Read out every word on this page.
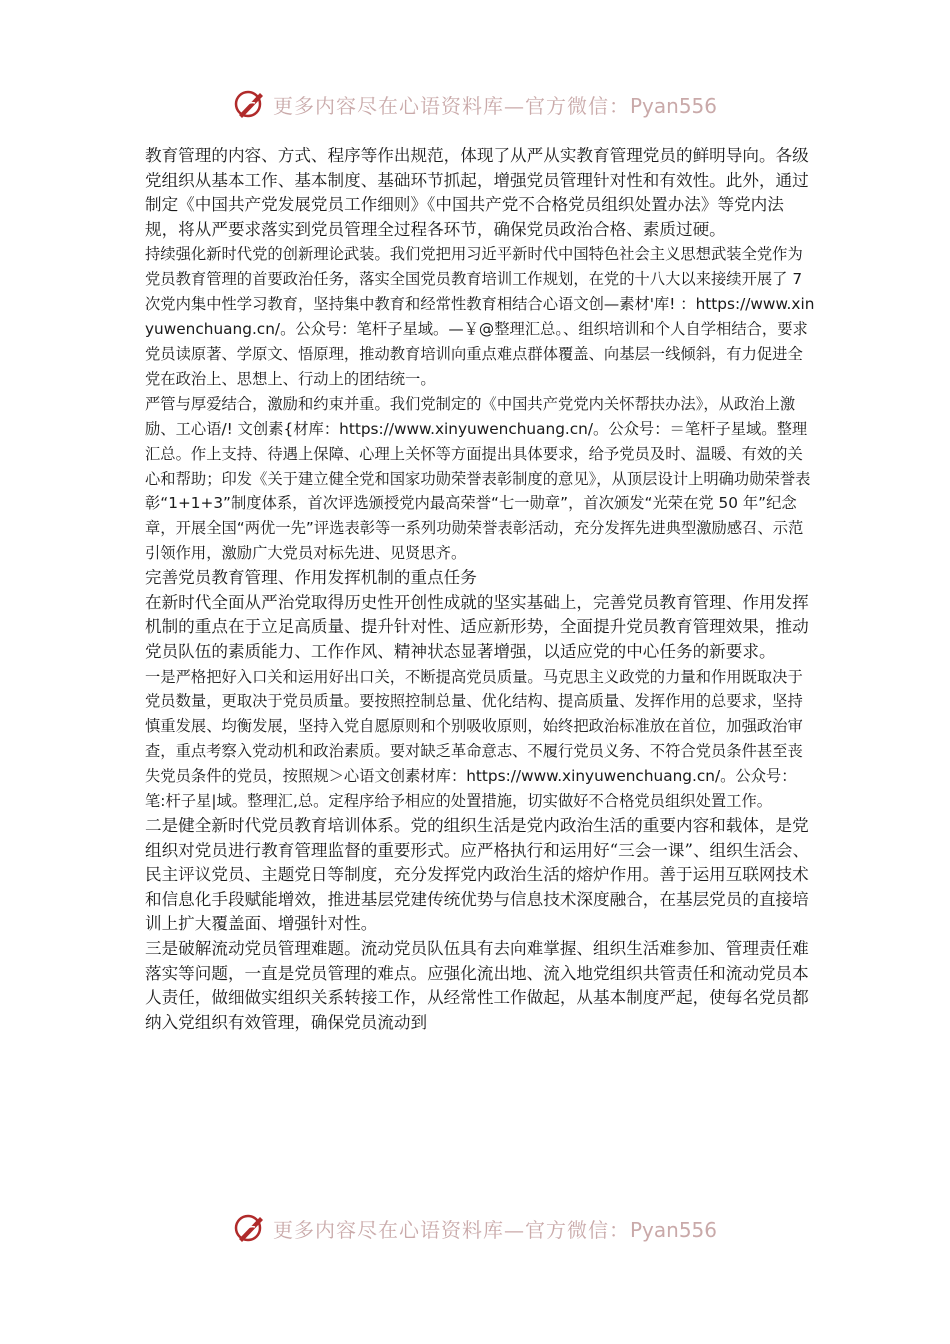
更多内容尽在心语资料库—官方微信：Pyan556

教育管理的内容、方式、程序等作出规范，体现了从严从实教育管理党员的鲜明导向。各级党组织从基本工作、基本制度、基础环节抓起，增强党员管理针对性和有效性。此外，通过制定《中国共产党发展党员工作细则》《中国共产党不合格党员组织处置办法》等党内法规，将从严要求落实到党员管理全过程各环节，确保党员政治合格、素质过硬。

持续强化新时代党的创新理论武装。我们党把用习近平新时代中国特色社会主义思想武装全党作为党员教育管理的首要政治任务，落实全国党员教育培训工作规划，在党的十八大以来接续开展了 7 次党内集中性学习教育，坚持集中教育和经常性教育相结合心语文创—素材'库! ：https://www.xinyuwenchuang.cn/。公众号：笔杆子星域。—￥@整理汇总。、组织培训和个人自学相结合，要求党员读原著、学原文、悟原理，推动教育培训向重点难点群体覆盖、向基层一线倾斜，有力促进全党在政治上、思想上、行动上的团结统一。

严管与厚爱结合，激励和约束并重。我们党制定的《中国共产党党内关怀帮扶办法》，从政治上激励、工心语/! 文创素{材库：https://www.xinyuwenchuang.cn/。公众号：＝笔杆子星域。整理汇总。作上支持、待遇上保障、心理上关怀等方面提出具体要求，给予党员及时、温暖、有效的关心和帮助；印发《关于建立健全党和国家功勋荣誉表彰制度的意见》，从顶层设计上明确功勋荣誉表彰“1+1+3”制度体系，首次评选颁授党内最高荣誉“七一勋章”，首次颁发“光荣在党 50 年”纪念章，开展全国“两优一先”评选表彰等一系列功勋荣誉表彰活动，充分发挥先进典型激励感召、示范引领作用，激励广大党员对标先进、见贤思齐。

完善党员教育管理、作用发挥机制的重点任务

在新时代全面从严治党取得历史性开创性成就的坚实基础上，完善党员教育管理、作用发挥机制的重点在于立足高质量、提升针对性、适应新形势，全面提升党员教育管理效果，推动党员队伍的素质能力、工作作风、精神状态显著增强，以适应党的中心任务的新要求。

一是严格把好入口关和运用好出口关，不断提高党员质量。马克思主义政党的力量和作用既取决于党员数量，更取决于党员质量。要按照控制总量、优化结构、提高质量、发挥作用的总要求，坚持慎重发展、均衡发展，坚持入党自愿原则和个别吸收原则，始终把政治标准放在首位，加强政治审查，重点考察入党动机和政治素质。要对缺乏革命意志、不履行党员义务、不符合党员条件甚至丧失党员条件的党员，按照规＞心语文创素材库：https://www.xinyuwenchuang.cn/。公众号：笔:杆子星|域。整理汇,总。定程序给予相应的处置措施，切实做好不合格党员组织处置工作。

二是健全新时代党员教育培训体系。党的组织生活是党内政治生活的重要内容和载体，是党组织对党员进行教育管理监督的重要形式。应严格执行和运用好“三会一课”、组织生活会、民主评议党员、主题党日等制度，充分发挥党内政治生活的熔炉作用。善于运用互联网技术和信息化手段赋能增效，推进基层党建传统优势与信息技术深度融合，在基层党员的直接培训上扩大覆盖面、增强针对性。

三是破解流动党员管理难题。流动党员队伍具有去向难掌握、组织生活难参加、管理责任难落实等问题，一直是党员管理的难点。应强化流出地、流入地党组织共管责任和流动党员本人责任，做细做实组织关系转接工作，从经常性工作做起，从基本制度严起，使每名党员都纳入党组织有效管理，确保党员流动到

更多内容尽在心语资料库—官方微信：Pyan556
